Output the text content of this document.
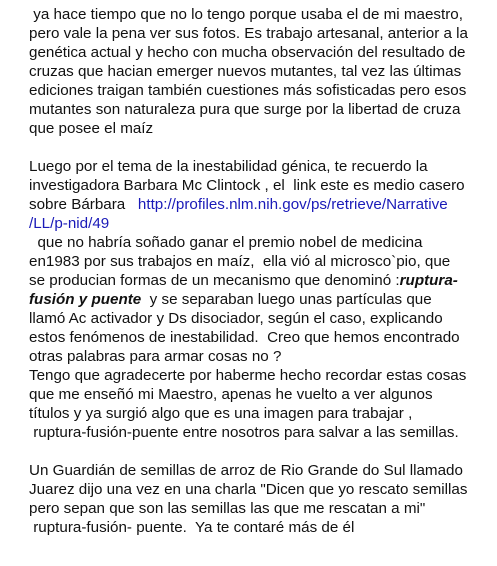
ya hace tiempo que no lo tengo porque usaba el de mi maestro,
pero vale la pena ver sus fotos. Es trabajo artesanal, anterior a la
genética actual y hecho con mucha observación del resultado de
cruzas que hacian emerger nuevos mutantes, tal vez las últimas
ediciones traigan también cuestiones más sofisticadas pero esos
mutantes son naturaleza pura que surge por la libertad de cruza
que posee el maíz
Luego por el tema de la inestabilidad génica, te recuerdo la
investigadora Barbara Mc Clintock , el  link este es medio casero
sobre Bárbara   http://profiles.nlm.nih.gov/ps/retrieve/Narrative
/LL/p-nid/49
que no habría soñado ganar el premio nobel de medicina
en1983 por sus trabajos en maíz,  ella vió al microsco`pio, que
se producian formas de un mecanismo que denominó :ruptura-
fusión y puente  y se separaban luego unas partículas que
llamó Ac activador y Ds disociador, según el caso, explicando
estos fenómenos de inestabilidad.  Creo que hemos encontrado
otras palabras para armar cosas no ?
Tengo que agradecerte por haberme hecho recordar estas cosas
que me enseñó mi Maestro, apenas he vuelto a ver algunos
títulos y ya surgió algo que es una imagen para trabajar ,
ruptura-fusión-puente entre nosotros para salvar a las semillas.
Un Guardián de semillas de arroz de Rio Grande do Sul llamado
Juarez dijo una vez en una charla "Dicen que yo rescato semillas
pero sepan que son las semillas las que me rescatan a mi"
ruptura-fusión- puente.  Ya te contaré más de él
